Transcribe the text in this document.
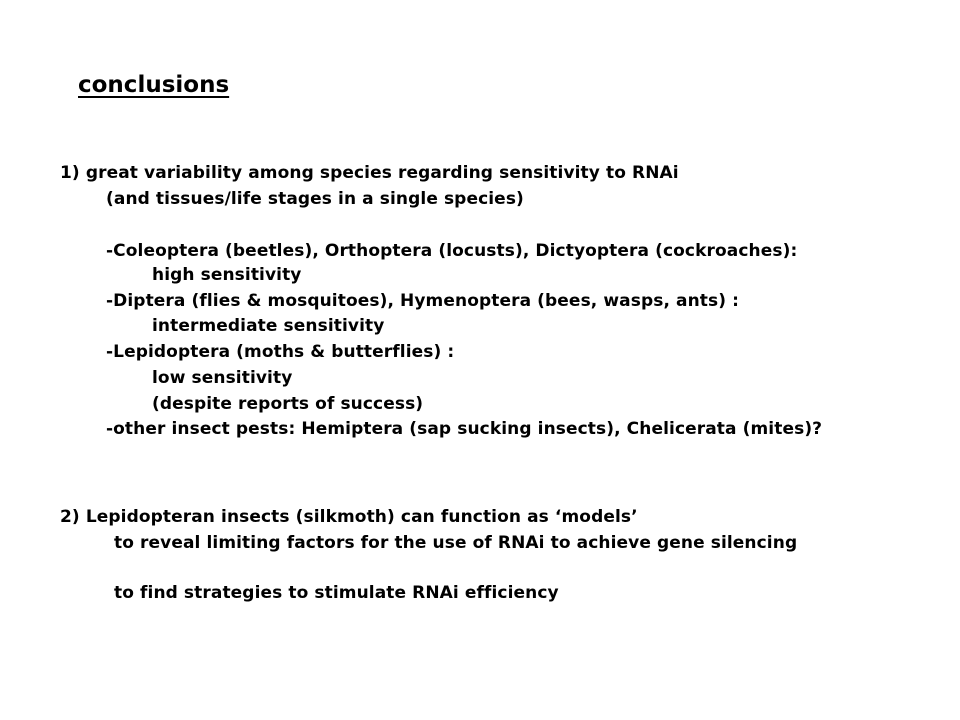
conclusions
1) great variability among species regarding sensitivity to RNAi
(and tissues/life stages in a single species)
-Coleoptera (beetles), Orthoptera (locusts), Dictyoptera (cockroaches):
high sensitivity
-Diptera (flies & mosquitoes), Hymenoptera (bees, wasps, ants) :
intermediate sensitivity
-Lepidoptera (moths & butterflies) :
low sensitivity
(despite reports of success)
-other insect pests: Hemiptera (sap sucking insects), Chelicerata (mites)?
2) Lepidopteran insects (silkmoth) can function as ‘models’
to reveal limiting factors for the use of RNAi to achieve gene silencing
to find strategies to stimulate RNAi efficiency
